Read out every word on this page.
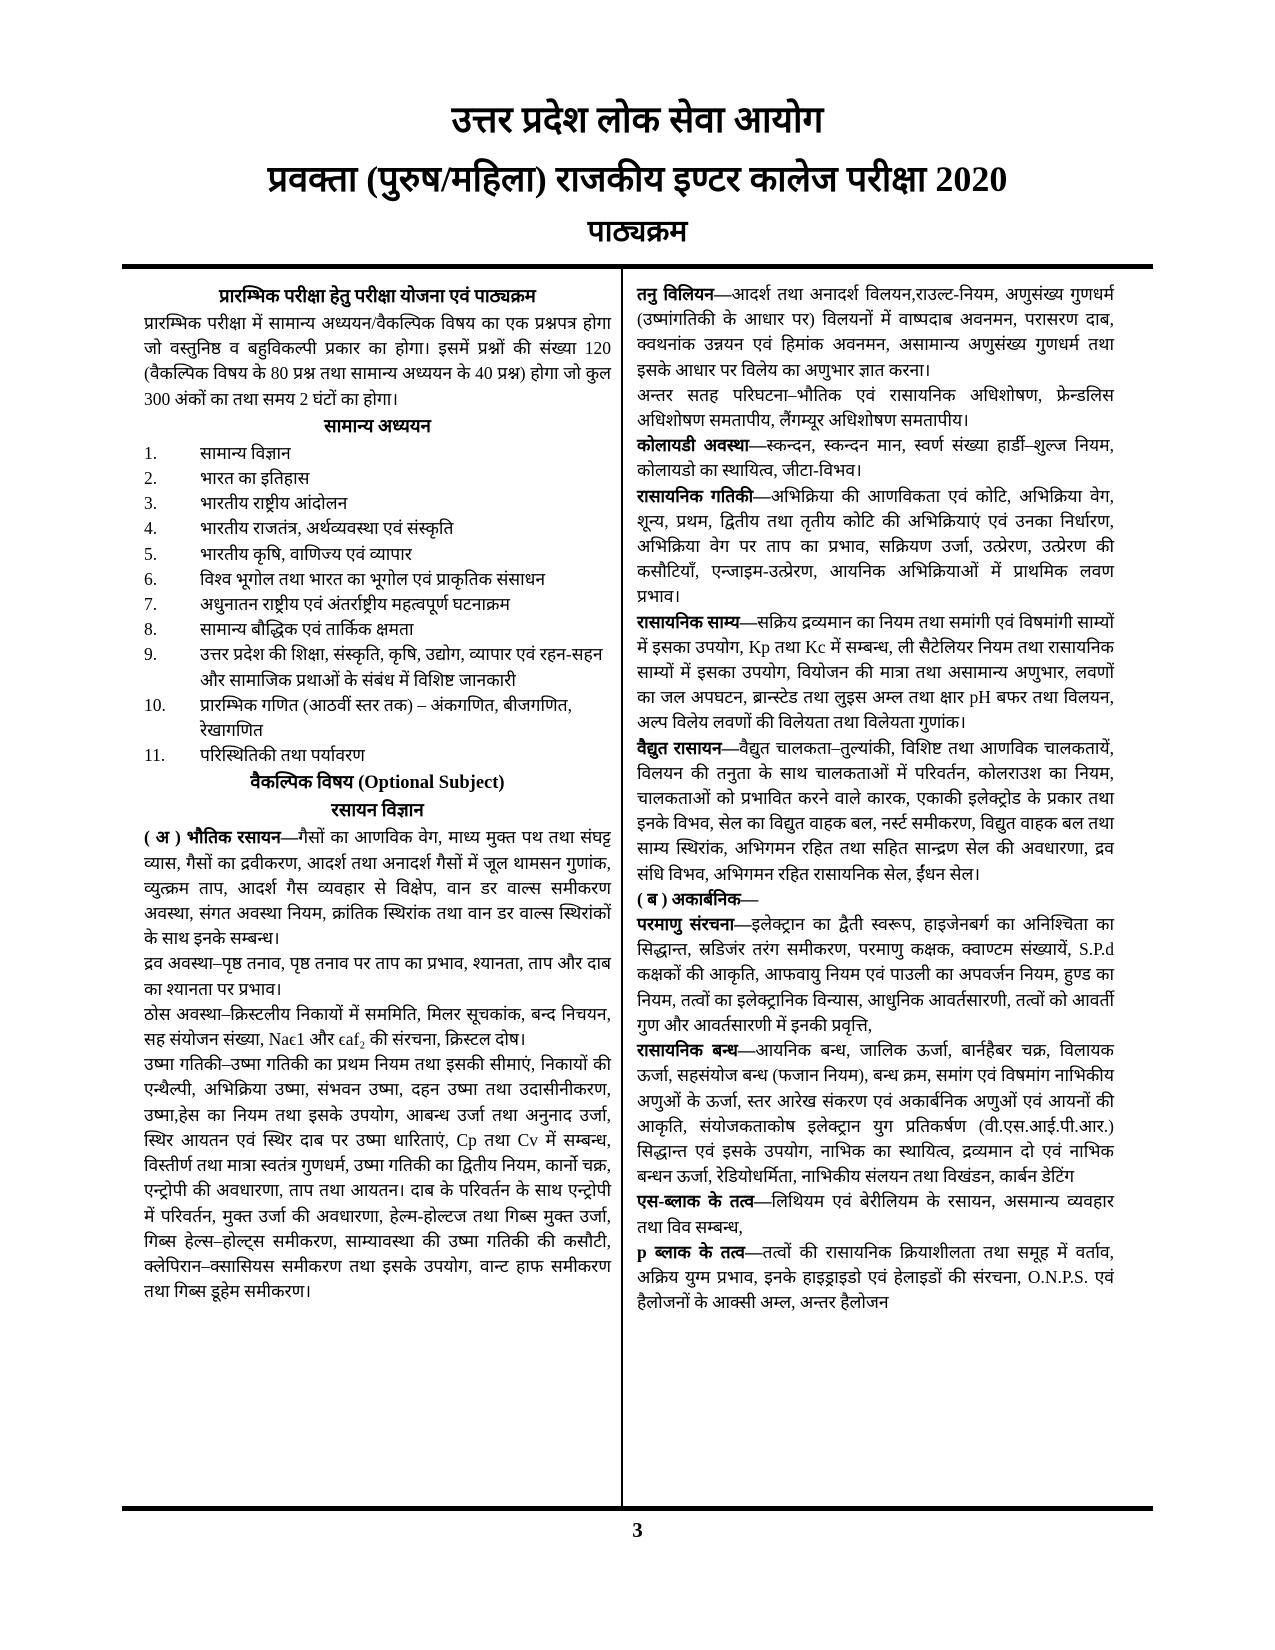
उत्तर प्रदेश लोक सेवा आयोग
प्रवक्ता (पुरुष/महिला) राजकीय इण्टर कालेज परीक्षा 2020
पाठ्यक्रम
प्रारम्भिक परीक्षा हेतु परीक्षा योजना एवं पाठ्यक्रम

प्रारम्भिक परीक्षा में सामान्य अध्ययन/वैकल्पिक विषय का एक प्रश्नपत्र होगा जो वस्तुनिष्ठ व बहुविकल्पी प्रकार का होगा। इसमें प्रश्नों की संख्या 120 (वैकल्पिक विषय के 80 प्रश्न तथा सामान्य अध्ययन के 40 प्रश्न) होगा जो कुल 300 अंकों का तथा समय 2 घंटों का होगा।

सामान्य अध्ययन
1.	सामान्य विज्ञान
2.	भारत का इतिहास
3.	भारतीय राष्ट्रीय आंदोलन
4.	भारतीय राजतंत्र, अर्थव्यवस्था एवं संस्कृति
5.	भारतीय कृषि, वाणिज्य एवं व्यापार
6.	विश्व भूगोल तथा भारत का भूगोल एवं प्राकृतिक संसाधन
7.	अधुनातन राष्ट्रीय एवं अंतर्राष्ट्रीय महत्वपूर्ण घटनाक्रम
8.	सामान्य बौद्धिक एवं तार्किक क्षमता
9.	उत्तर प्रदेश की शिक्षा, संस्कृति, कृषि, उद्योग, व्यापार एवं रहन-सहन और सामाजिक प्रथाओं के संबंध में विशिष्ट जानकारी
10.	प्रारम्भिक गणित (आठवीं स्तर तक) – अंकगणित, बीजगणित, रेखागणित
11.	परिस्थितिकी तथा पर्यावरण
वैकल्पिक विषय (Optional Subject)
रसायन विज्ञान

( अ ) भौतिक रसायन—गैसों का आणविक वेग, माध्य मुक्त पथ तथा संघट्ट व्यास, गैसों का द्रवीकरण, आदर्श तथा अनादर्श गैसों में जूल थामसन गुणांक, व्युत्क्रम ताप, आदर्श गैस व्यवहार से विक्षेप, वान डर वाल्स समीकरण अवस्था, संगत अवस्था नियम, क्रांतिक स्थिरांक तथा वान डर वाल्स स्थिरांकों के साथ इनके सम्बन्ध।

द्रव अवस्था–पृष्ठ तनाव, पृष्ठ तनाव पर ताप का प्रभाव, श्यानता, ताप और दाब का श्यानता पर प्रभाव।

ठोस अवस्था–क्रिस्टलीय निकायों में सममिति, मिलर सूचकांक, बन्द निचयन, सह संयोजन संख्या, Naϵ1 और ϵaf₂ की संरचना, क्रिस्टल दोष।

उष्मा गतिकी–उष्मा गतिकी का प्रथम नियम तथा इसकी सीमाएं, निकायों की एन्थैल्पी, अभिक्रिया उष्मा, संभवन उष्मा, दहन उष्मा तथा उदासीनीकरण, उष्मा,हेस का नियम तथा इसके उपयोग, आबन्ध उर्जा तथा अनुनाद उर्जा, स्थिर आयतन एवं स्थिर दाब पर उष्मा धारिताएं, Cp तथा Cv में सम्बन्ध, विस्तीर्ण तथा मात्रा स्वतंत्र गुणधर्म, उष्मा गतिकी का द्वितीय नियम, कार्नो चक्र, एन्ट्रोपी की अवधारणा, ताप तथा आयतन। दाब के परिवर्तन के साथ एन्ट्रोपी में परिवर्तन, मुक्त उर्जा की अवधारणा, हेल्म-होल्टज तथा गिब्स मुक्त उर्जा, गिब्स हेल्स–होल्ट्स समीकरण, साम्यावस्था की उष्मा गतिकी की कसौटी, क्लेपिरान–क्सासियस समीकरण तथा इसके उपयोग, वान्ट हाफ समीकरण तथा गिब्स डूहेम समीकरण।

तनु विलियन—आदर्श तथा अनादर्श विलयन,राउल्ट-नियम, अणुसंख्य गुणधर्म (उष्मांगतिकी के आधार पर) विलयनों में वाष्पदाब अवनमन, परासरण दाब, क्वथनांक उन्नयन एवं हिमांक अवनमन, असामान्य अणुसंख्य गुणधर्म तथा इसके आधार पर विलेय का अणुभार ज्ञात करना।

अन्तर सतह परिघटना–भौतिक एवं रासायनिक अधिशोषण, फ्रेन्डलिस अधिशोषण समतापीय, लैंगम्यूर अधिशोषण समतापीय।

कोलायडी अवस्था—स्कन्दन, स्कन्दन मान, स्वर्ण संख्या हार्डी–शुल्ज नियम, कोलायडो का स्थायित्व, जीटा-विभव।

रासायनिक गतिकी—अभिक्रिया की आणविकता एवं कोटि, अभिक्रिया वेग, शून्य, प्रथम, द्वितीय तथा तृतीय कोटि की अभिक्रियाएं एवं उनका निर्धारण, अभिक्रिया वेग पर ताप का प्रभाव, सक्रियण उर्जा, उत्प्रेरण, उत्प्रेरण की कसौटियाँ, एन्जाइम-उत्प्रेरण, आयनिक अभिक्रियाओं में प्राथमिक लवण प्रभाव।

रासायनिक साम्य—सक्रिय द्रव्यमान का नियम तथा समांगी एवं विषमांगी साम्यों में इसका उपयोग, Kp तथा Kc में सम्बन्ध, ली सैटेलियर नियम तथा रासायनिक साम्यों में इसका उपयोग, वियोजन की मात्रा तथा असामान्य अणुभार, लवणों का जल अपघटन, ब्रान्स्टेड तथा लुइस अम्ल तथा क्षार pH बफर तथा विलयन, अल्प विलेय लवणों की विलेयता तथा विलेयता गुणांक।

वैद्युत रासायन—वैद्युत चालकता–तुल्यांकी, विशिष्ट तथा आणविक चालकतायें, विलयन की तनुता के साथ चालकताओं में परिवर्तन, कोलराउश का नियम, चालकताओं को प्रभावित करने वाले कारक, एकाकी इलेक्ट्रोड के प्रकार तथा इनके विभव, सेल का विद्युत वाहक बल, नर्स्ट समीकरण, विद्युत वाहक बल तथा साम्य स्थिरांक, अभिगमन रहित तथा सहित सान्द्रण सेल की अवधारणा, द्रव संधि विभव, अभिगमन रहित रासायनिक सेल, ईंधन सेल।

( ब ) अकार्बनिक—

परमाणु संरचना—इलेक्ट्रान का द्वैती स्वरूप, हाइजेनबर्ग का अनिश्चिता का सिद्धान्त, स्रडिजंर तरंग समीकरण, परमाणु कक्षक, क्वाण्टम संख्यायें, S.P.d कक्षकों की आकृति, आफवायु नियम एवं पाउली का अपवर्जन नियम, हुण्ड का नियम, तत्वों का इलेक्ट्रानिक विन्यास, आधुनिक आवर्तसारणी, तत्वों को आवर्ती गुण और आवर्तसारणी में इनकी प्रवृत्ति,

रासायनिक बन्ध—आयनिक बन्ध, जालिक ऊर्जा, बार्नहैबर चक्र, विलायक ऊर्जा, सहसंयोज बन्ध (फजान नियम), बन्ध क्रम, समांग एवं विषमांग नाभिकीय अणुओं के ऊर्जा, स्तर आरेख संकरण एवं अकार्बनिक अणुओं एवं आयनों की आकृति, संयोजकताकोष इलेक्ट्रान युग प्रतिकर्षण (वी.एस.आई.पी.आर.) सिद्धान्त एवं इसके उपयोग, नाभिक का स्थायित्व, द्रव्यमान दो एवं नाभिक बन्धन ऊर्जा, रेडियोधर्मिता, नाभिकीय संलयन तथा विखंडन, कार्बन डेटिंग

एस-ब्लाक के तत्व—लिथियम एवं बेरीलियम के रसायन, असमान्य व्यवहार तथा विव सम्बन्ध,

p ब्लाक के तत्व—तत्वों की रासायनिक क्रियाशीलता तथा समूह में वर्ताव, अक्रिय युग्म प्रभाव, इनके हाइड्राइडो एवं हेलाइडों की संरचना, O.N.P.S. एवं हैलोजनों के आक्सी अम्ल, अन्तर हैलोजन

3
